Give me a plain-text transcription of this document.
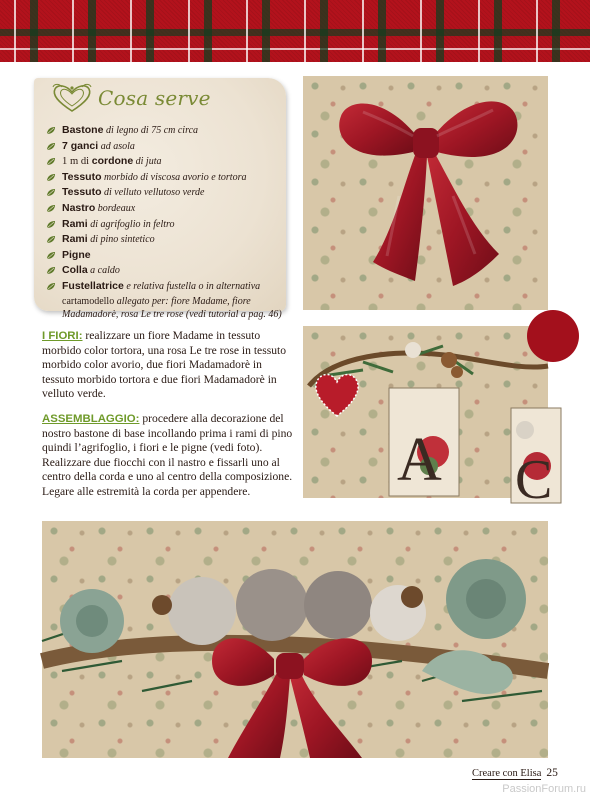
Cosa serve
Bastone di legno di 75 cm circa
7 ganci ad asola
1 m di cordone di juta
Tessuto morbido di viscosa avorio e tortora
Tessuto di velluto vellutoso verde
Nastro bordeaux
Rami di agrifoglio in feltro
Rami di pino sintetico
Pigne
Colla a caldo
Fustellatrice e relativa fustella o in alternativa
cartamodello allegato per: fiore Madame, fiore Madamadorè, rosa Le tre rose (vedi tutorial a pag. 46)

I FIORI: realizzare un fiore Madame in tessuto morbido color tortora, una rosa Le tre rose in tessuto morbido color avorio, due fiori Madamadorè in tessuto morbido tortora e due fiori Madamadorè in velluto verde.

ASSEMBLAGGIO: procedere alla decorazione del nostro bastone di base incollando prima i rami di pino quindi l’agrifoglio, i fiori e le pigne (vedi foto). Realizzare due fiocchi con il nastro e fissarli uno al centro della corda e uno al centro della composizione. Legare alle estremità la corda per appendere.	A C
Creare con Elisa 25
PassionForum.ru
